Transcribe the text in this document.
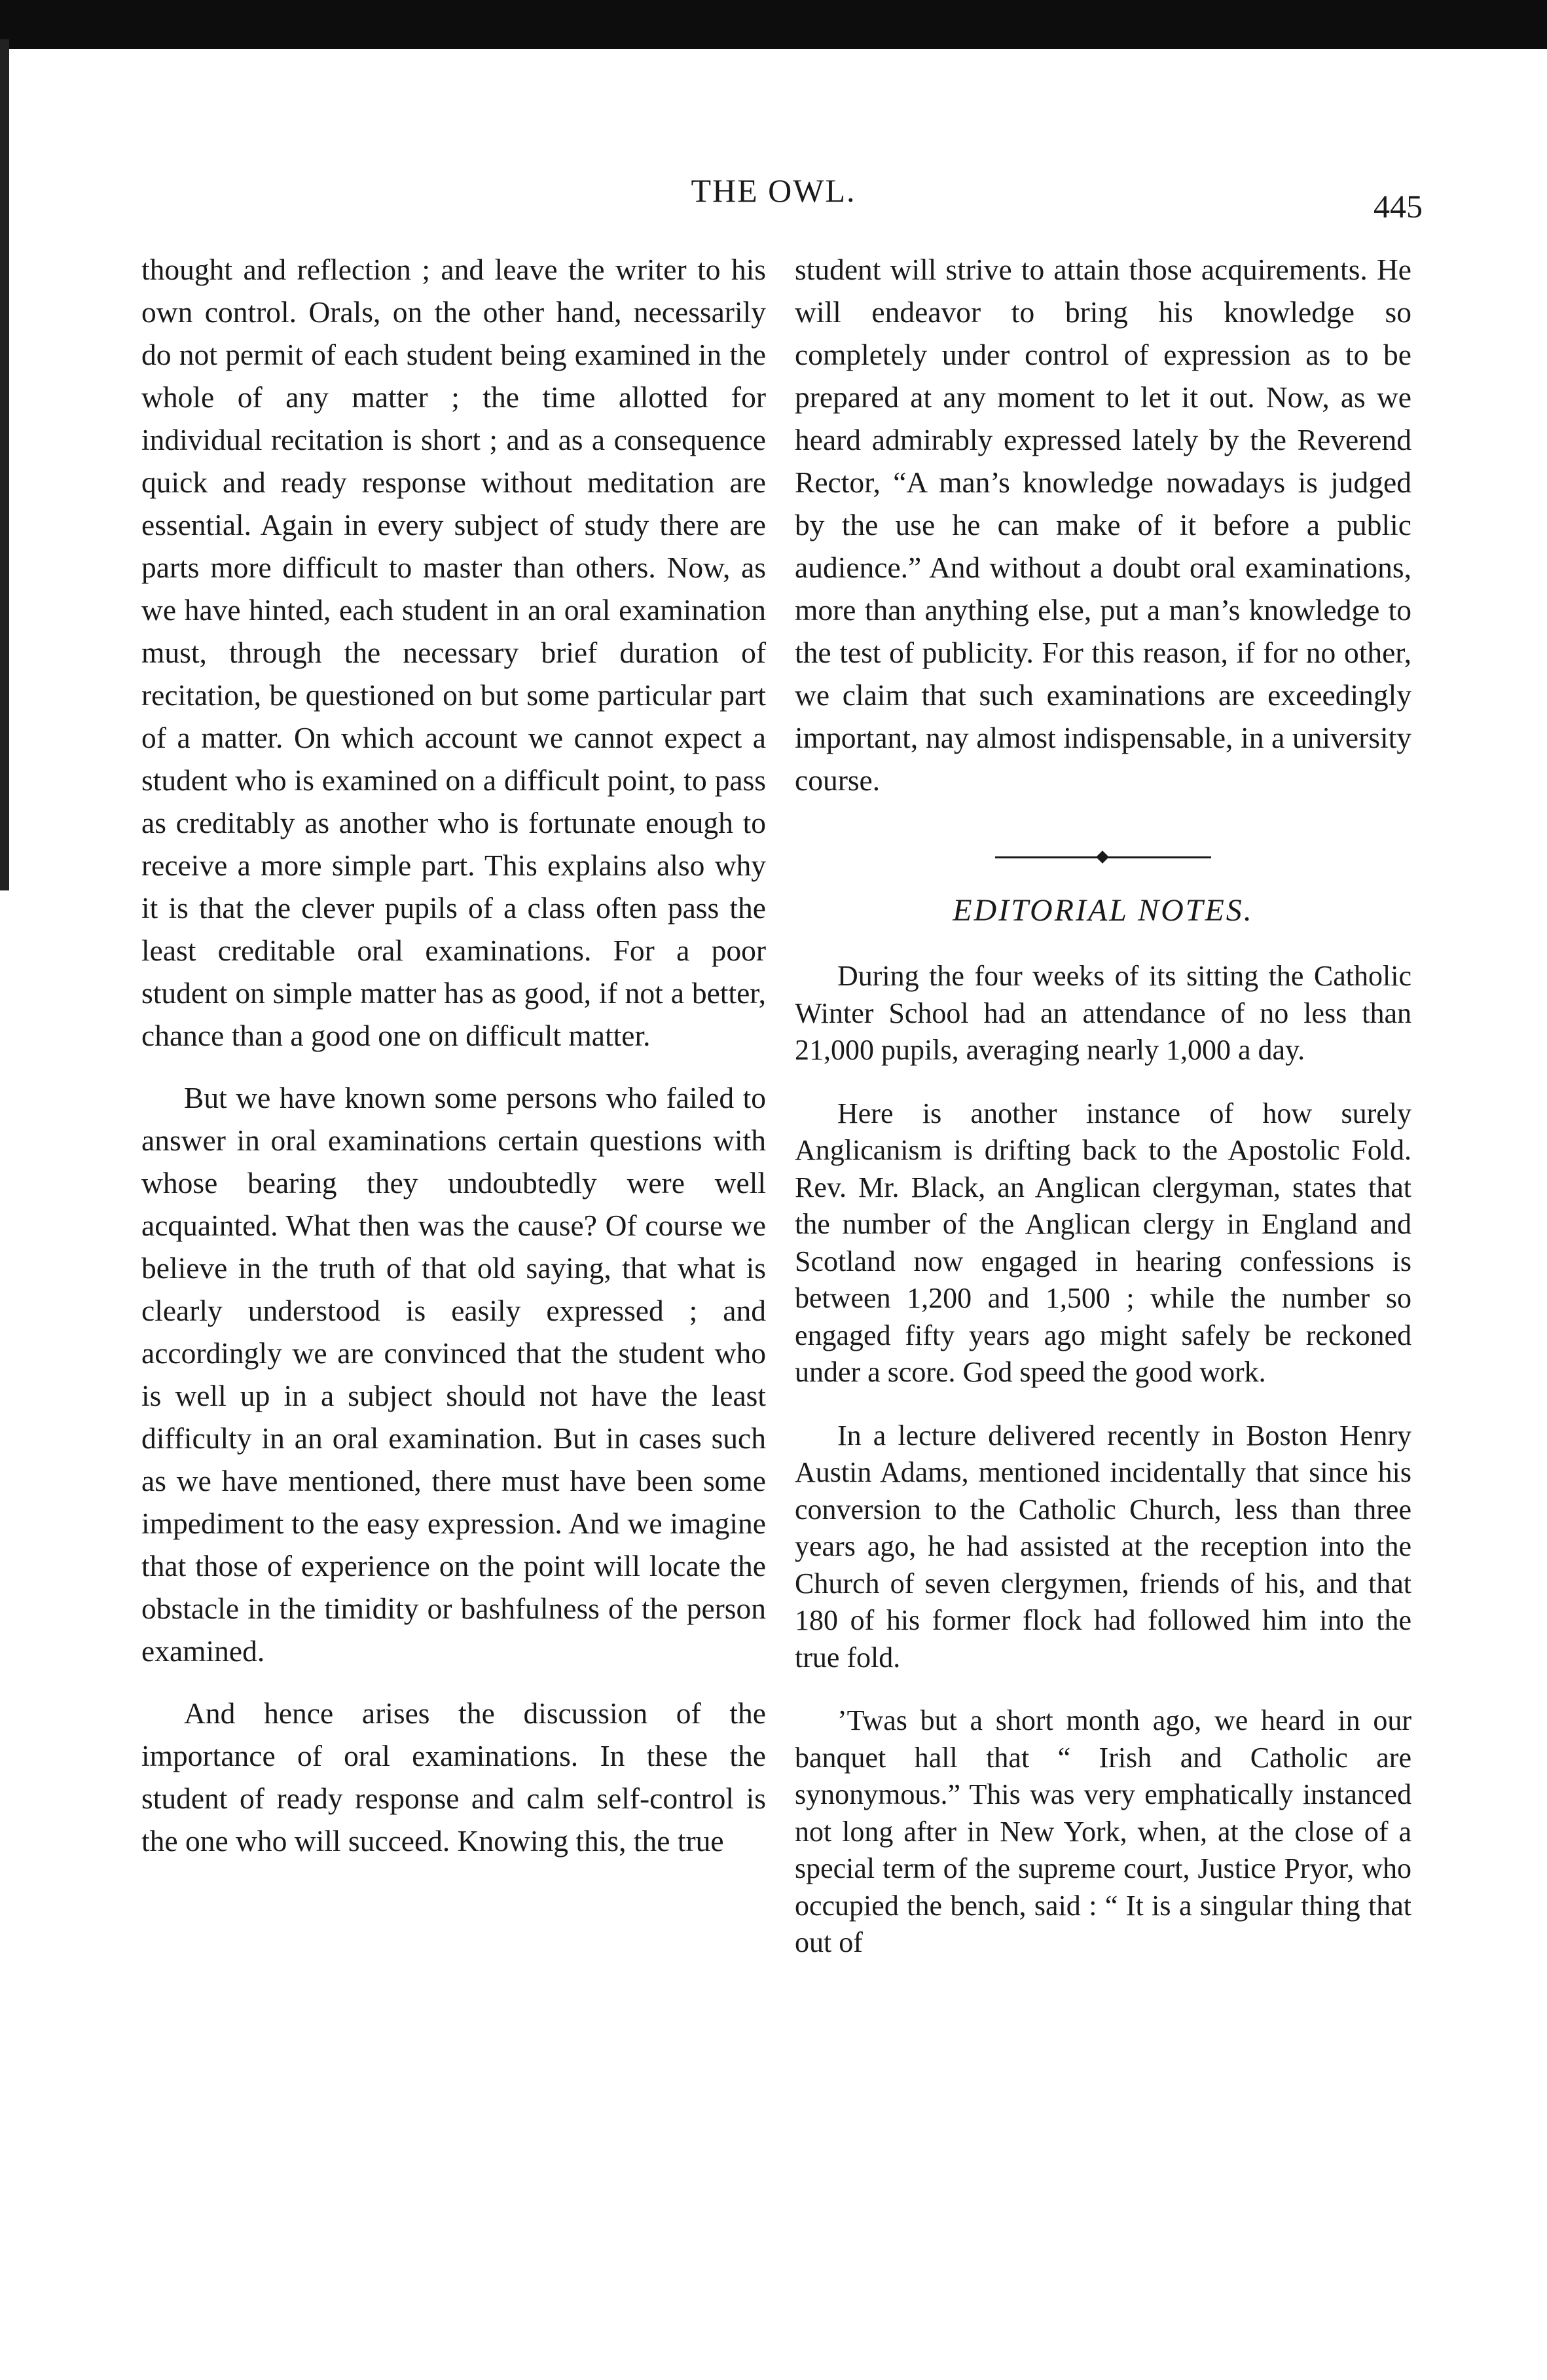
THE OWL.	445

thought and reflection ; and leave the writer to his own control. Orals, on the other hand, necessarily do not permit of each student being examined in the whole of any matter ; the time allotted for individual recitation is short ; and as a consequence quick and ready response without meditation are essential. Again in every subject of study there are parts more difficult to master than others. Now, as we have hinted, each student in an oral examination must, through the necessary brief duration of recitation, be questioned on but some particular part of a matter. On which account we cannot expect a student who is examined on a difficult point, to pass as creditably as another who is fortunate enough to receive a more simple part. This explains also why it is that the clever pupils of a class often pass the least creditable oral examinations. For a poor student on simple matter has as good, if not a better, chance than a good one on difficult matter.

But we have known some persons who failed to answer in oral examinations certain questions with whose bearing they undoubtedly were well acquainted. What then was the cause? Of course we believe in the truth of that old saying, that what is clearly understood is easily expressed ; and accordingly we are convinced that the student who is well up in a subject should not have the least difficulty in an oral examination. But in cases such as we have mentioned, there must have been some impediment to the easy expression. And we imagine that those of experience on the point will locate the obstacle in the timidity or bashfulness of the person examined.

And hence arises the discussion of the importance of oral examinations. In these the student of ready response and calm self-control is the one who will succeed. Knowing this, the true

student will strive to attain those acquirements. He will endeavor to bring his knowledge so completely under control of expression as to be prepared at any moment to let it out. Now, as we heard admirably expressed lately by the Reverend Rector, “A man’s knowledge nowadays is judged by the use he can make of it before a public audience.” And without a doubt oral examinations, more than anything else, put a man’s knowledge to the test of publicity. For this reason, if for no other, we claim that such examinations are exceedingly important, nay almost indispensable, in a university course.

EDITORIAL NOTES.

During the four weeks of its sitting the Catholic Winter School had an attendance of no less than 21,000 pupils, averaging nearly 1,000 a day.

Here is another instance of how surely Anglicanism is drifting back to the Apostolic Fold. Rev. Mr. Black, an Anglican clergyman, states that the number of the Anglican clergy in England and Scotland now engaged in hearing confessions is between 1,200 and 1,500 ; while the number so engaged fifty years ago might safely be reckoned under a score. God speed the good work.

In a lecture delivered recently in Boston Henry Austin Adams, mentioned incidentally that since his conversion to the Catholic Church, less than three years ago, he had assisted at the reception into the Church of seven clergymen, friends of his, and that 180 of his former flock had followed him into the true fold.

’Twas but a short month ago, we heard in our banquet hall that “ Irish and Catholic are synonymous.” This was very emphatically instanced not long after in New York, when, at the close of a special term of the supreme court, Justice Pryor, who occupied the bench, said : “ It is a singular thing that out of
